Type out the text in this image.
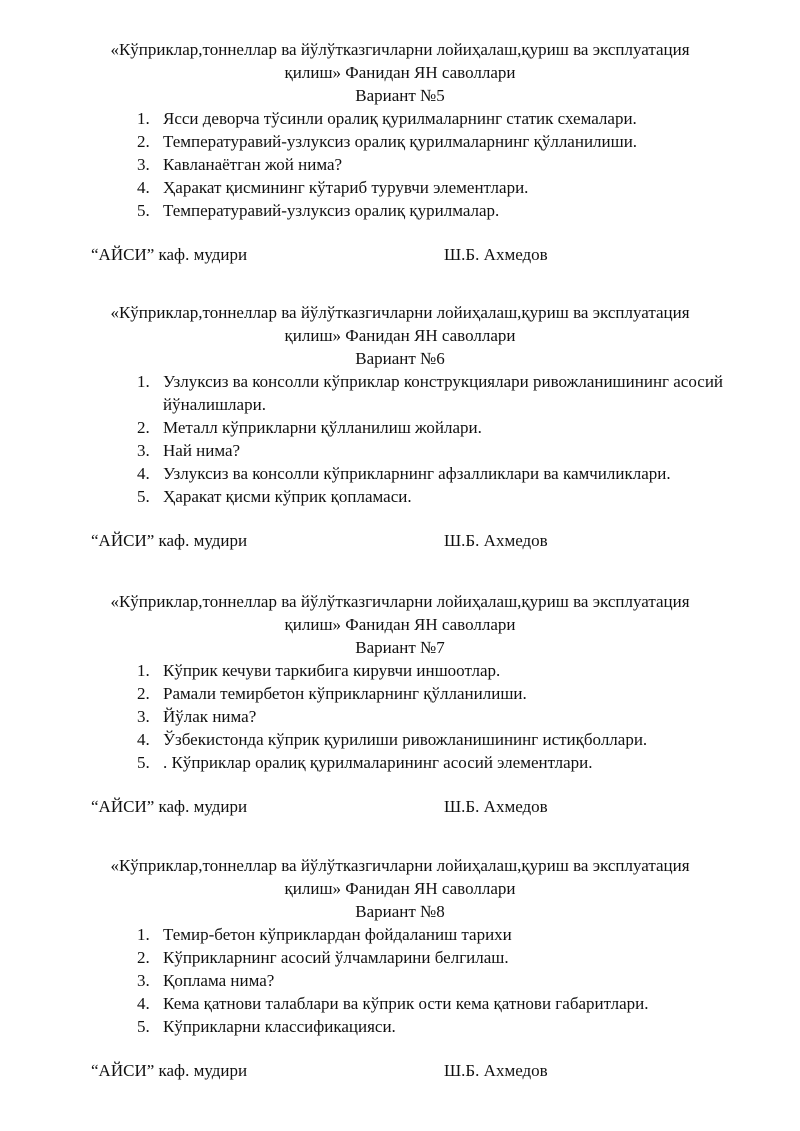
«Кўприклар,тоннеллар ва йўлўтказгичларни лойиҳалаш,қуриш ва эксплуатация
қилиш» Фанидан ЯН саволлари
Вариант №5
1. Ясси деворча тўсинли оралиқ қурилмаларнинг статик схемалари.
2. Температуравий-узлуксиз оралиқ қурилмаларнинг қўлланилиши.
3. Кавланаётган жой нима?
4. Ҳаракат қисмининг кўтариб турувчи элементлари.
5. Температуравий-узлуксиз оралиқ қурилмалар.
“АЙСИ” каф. мудири	Ш.Б. Ахмедов
«Кўприклар,тоннеллар ва йўлўтказгичларни лойиҳалаш,қуриш ва эксплуатация
қилиш» Фанидан ЯН саволлари
Вариант №6
1. Узлуксиз ва консолли кўприклар конструкциялари ривожланишининг асосий йўналишлари.
2. Металл кўприкларни қўлланилиш жойлари.
3. Най нима?
4. Узлуксиз ва консолли кўприкларнинг афзалликлари ва камчиликлари.
5. Ҳаракат қисми кўприк қопламаси.
“АЙСИ” каф. мудири	Ш.Б. Ахмедов
«Кўприклар,тоннеллар ва йўлўтказгичларни лойиҳалаш,қуриш ва эксплуатация
қилиш» Фанидан ЯН саволлари
Вариант №7
1. Кўприк кечуви таркибига кирувчи иншоотлар.
2. Рамали темирбетон кўприкларнинг қўлланилиши.
3. Йўлак нима?
4. Ўзбекистонда кўприк қурилиши ривожланишининг истиқболлари.
5. . Кўприклар оралиқ қурилмаларининг асосий элементлари.
“АЙСИ” каф. мудири	Ш.Б. Ахмедов
«Кўприклар,тоннеллар ва йўлўтказгичларни лойиҳалаш,қуриш ва эксплуатация
қилиш» Фанидан ЯН саволлари
Вариант №8
1. Темир-бетон кўприклардан фойдаланиш тарихи
2. Кўприкларнинг асосий ўлчамларини белгилаш.
3. Қоплама нима?
4. Кема қатнови талаблари ва кўприк ости кема қатнови габаритлари.
5. Кўприкларни классификацияси.
“АЙСИ” каф. мудири	Ш.Б. Ахмедов
